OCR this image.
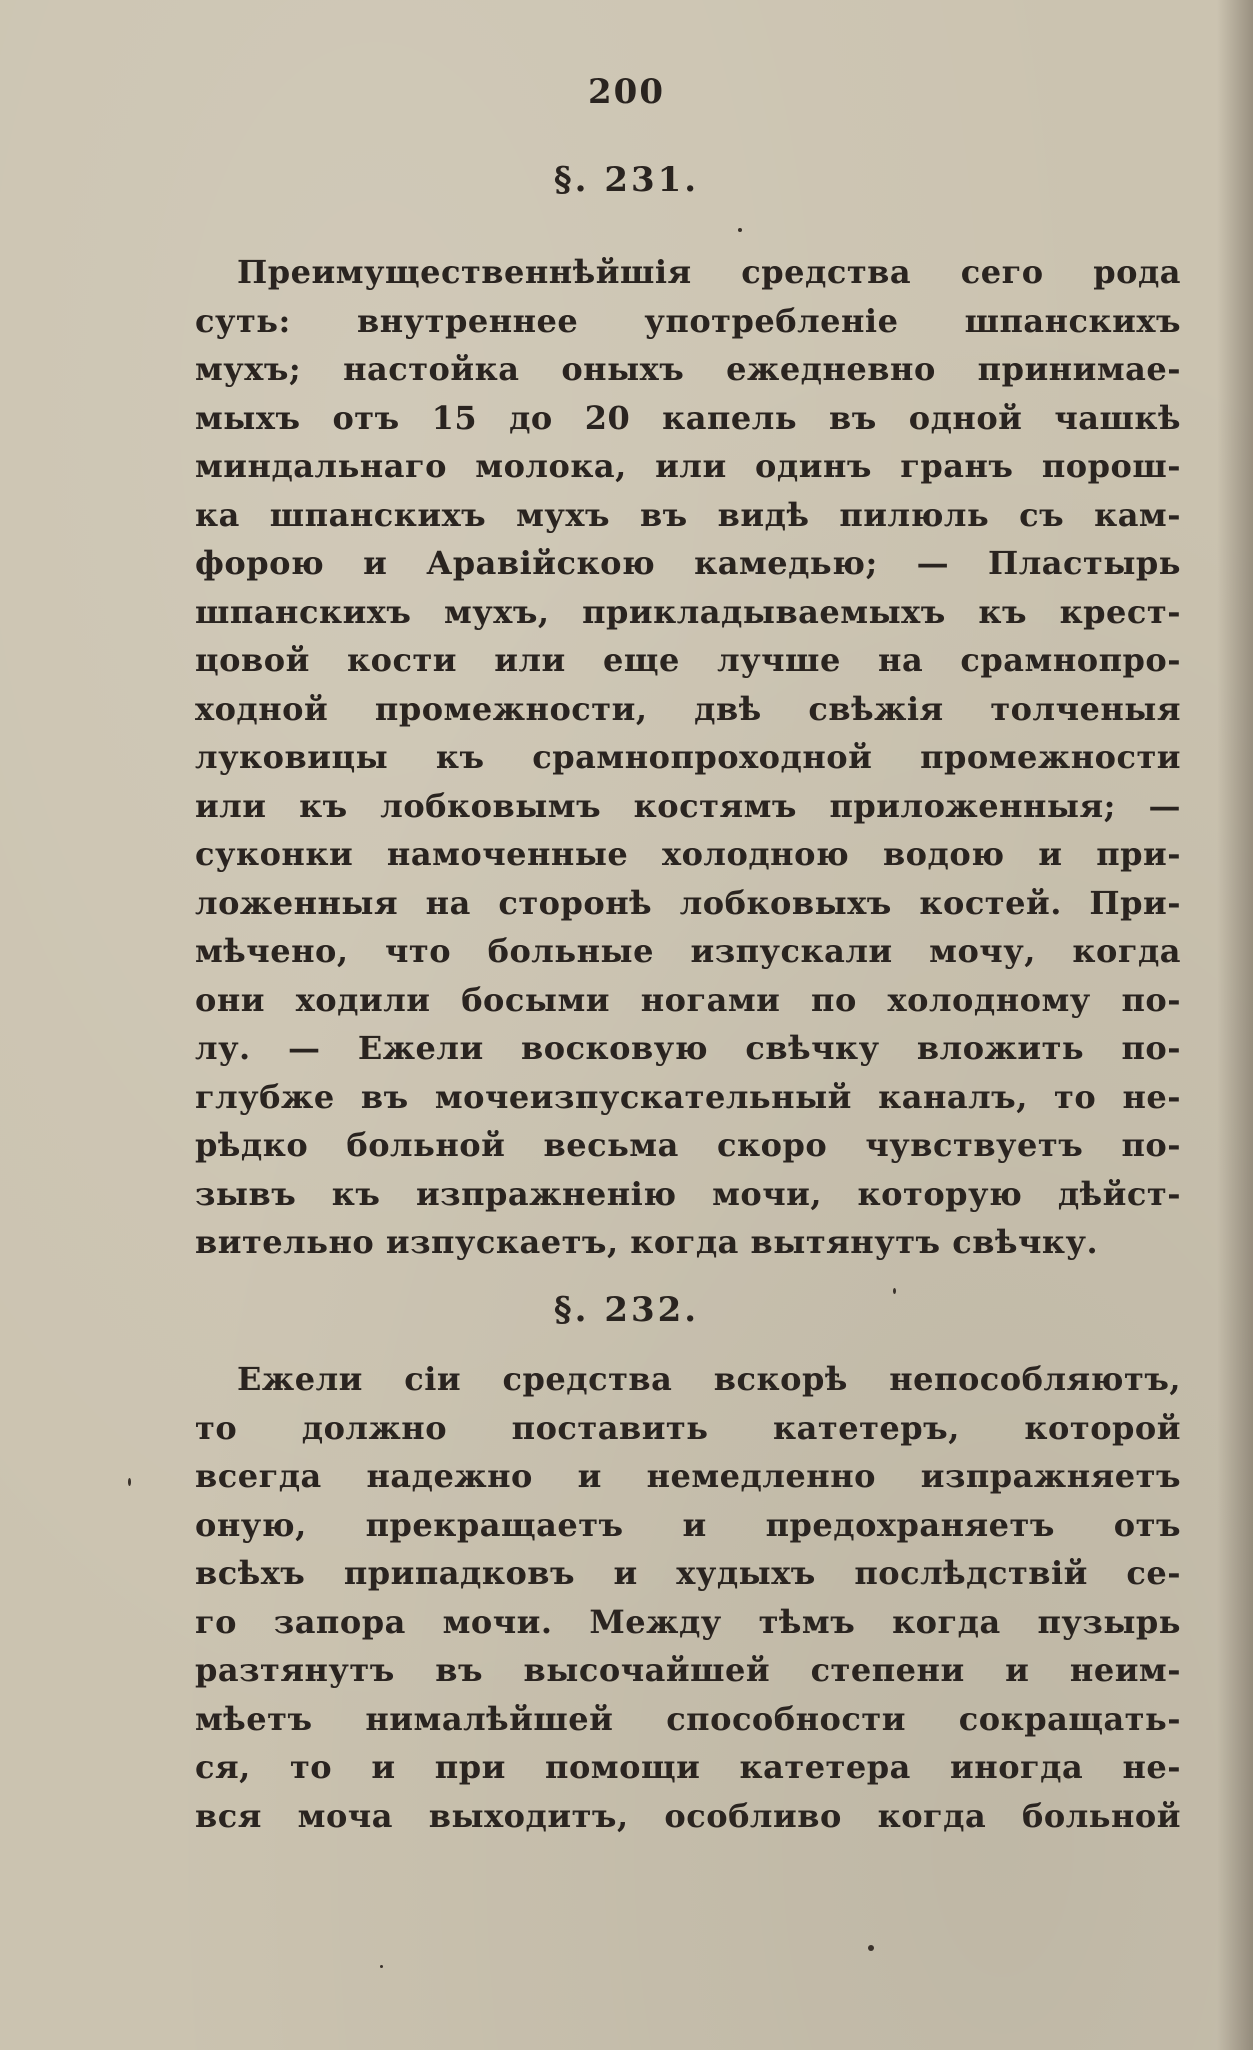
200
§. 231.
Преимущественнѣйшія средства сего рода
суть: внутреннее употребленіе шпанскихъ
мухъ; настойка оныхъ ежедневно принимае-
мыхъ отъ 15 до 20 капель въ одной чашкѣ
миндальнаго молока, или одинъ гранъ порош-
ка шпанскихъ мухъ въ видѣ пилюль съ кам-
форою и Аравійскою камедью; — Пластырь
шпанскихъ мухъ, прикладываемыхъ къ крест-
цовой кости или еще лучше на срамнопро-
ходной промежности, двѣ свѣжія толченыя
луковицы къ срамнопроходной промежности
или къ лобковымъ костямъ приложенныя; —
суконки намоченные холодною водою и при-
ложенныя на сторонѣ лобковыхъ костей. При-
мѣчено, что больные изпускали мочу, когда
они ходили босыми ногами по холодному по-
лу. — Ежели восковую свѣчку вложить по-
глубже въ мочеизпускательный каналъ, то не-
рѣдко больной весьма скоро чувствуетъ по-
зывъ къ изпражненію мочи, которую дѣйст-
вительно изпускаетъ, когда вытянутъ свѣчку.
§. 232.
Ежели сіи средства вскорѣ непособляютъ,
то должно поставить катетеръ, которой
всегда надежно и немедленно изпражняетъ
оную, прекращаетъ и предохраняетъ отъ
всѣхъ припадковъ и худыхъ послѣдствій се-
го запора мочи. Между тѣмъ когда пузырь
разтянутъ въ высочайшей степени и неим-
мѣетъ нималѣйшей способности сокращать-
ся, то и при помощи катетера иногда не-
вся моча выходитъ, особливо когда больной
